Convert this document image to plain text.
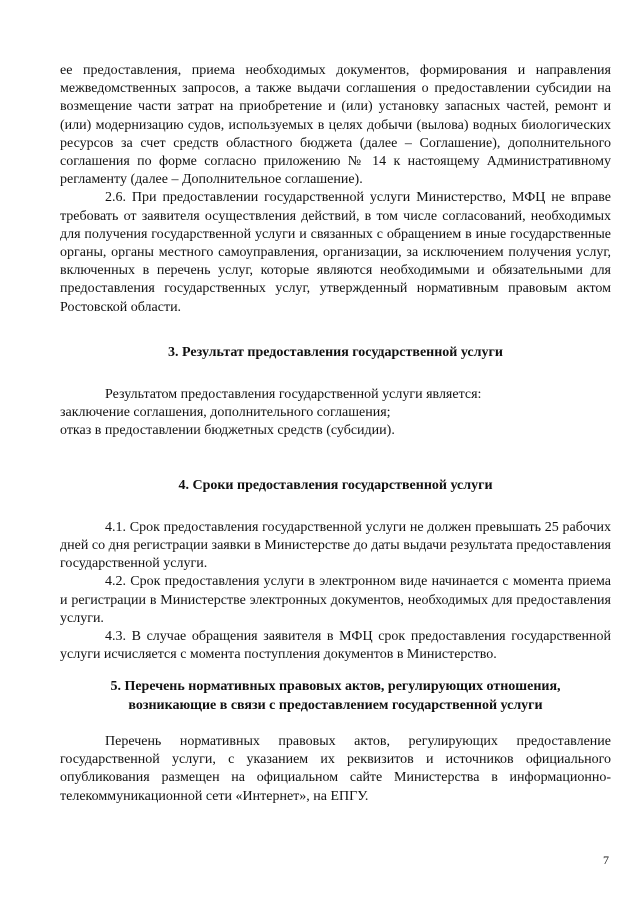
ее предоставления, приема необходимых документов, формирования и направления межведомственных запросов, а также выдачи соглашения о предоставлении субсидии на возмещение части затрат на приобретение и (или) установку запасных частей, ремонт и (или) модернизацию судов, используемых в целях добычи (вылова) водных биологических ресурсов за счет средств областного бюджета (далее – Соглашение), дополнительного соглашения по форме согласно приложению № 14 к настоящему Административному регламенту (далее – Дополнительное соглашение).

2.6. При предоставлении государственной услуги Министерство, МФЦ не вправе требовать от заявителя осуществления действий, в том числе согласований, необходимых для получения государственной услуги и связанных с обращением в иные государственные органы, органы местного самоуправления, организации, за исключением получения услуг, включенных в перечень услуг, которые являются необходимыми и обязательными для предоставления государственных услуг, утвержденный нормативным правовым актом Ростовской области.

3. Результат предоставления государственной услуги

Результатом предоставления государственной услуги является:

заключение соглашения, дополнительного соглашения;

отказ в предоставлении бюджетных средств (субсидии).

4. Сроки предоставления государственной услуги

4.1. Срок предоставления государственной услуги не должен превышать 25 рабочих дней со дня регистрации заявки в Министерстве до даты выдачи результата предоставления государственной услуги.

4.2. Срок предоставления услуги в электронном виде начинается с момента приема и регистрации в Министерстве электронных документов, необходимых для предоставления услуги.

4.3. В случае обращения заявителя в МФЦ срок предоставления государственной услуги исчисляется с момента поступления документов в Министерство.

5. Перечень нормативных правовых актов, регулирующих отношения,
возникающие в связи с предоставлением государственной услуги

Перечень нормативных правовых актов, регулирующих предоставление государственной услуги, с указанием их реквизитов и источников официального опубликования размещен на официальном сайте Министерства в информационно-телекоммуникационной сети «Интернет», на ЕПГУ.

7
